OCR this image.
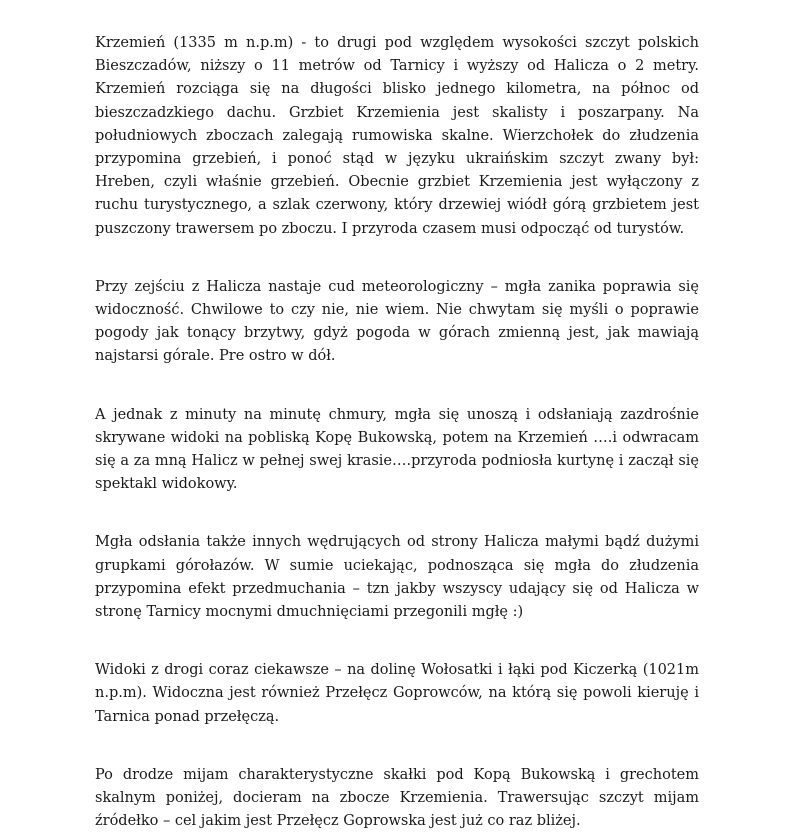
Krzemień (1335 m n.p.m) - to drugi pod względem wysokości szczyt polskich Bieszczadów, niższy o 11 metrów od Tarnicy i wyższy od Halicza o 2 metry. Krzemień rozciąga się na długości blisko jednego kilometra, na północ od bieszczadzkiego dachu. Grzbiet Krzemienia jest skalisty i poszarpany. Na południowych zboczach zalegają rumowiska skalne. Wierzchołek do złudzenia przypomina grzebień, i ponoć stąd w języku ukraińskim szczyt zwany był: Hreben, czyli właśnie grzebień. Obecnie grzbiet Krzemienia jest wyłączony z ruchu turystycznego, a szlak czerwony, który drzewiej wiódł górą grzbietem jest puszczony trawersem po zboczu. I przyroda czasem musi odpocząć od turystów.

Przy zejściu z Halicza nastaje cud meteorologiczny – mgła zanika poprawia się widoczność. Chwilowe to czy nie, nie wiem. Nie chwytam się myśli o poprawie pogody jak tonący brzytwy, gdyż pogoda w górach zmienną jest, jak mawiają najstarsi górale. Pre ostro w dół.

A jednak z minuty na minutę chmury, mgła się unoszą i odsłaniają zazdrośnie skrywane widoki na pobliską Kopę Bukowską, potem na Krzemień ….i odwracam się a za mną Halicz w pełnej swej krasie….przyroda podniosła kurtynę i zaczął się spektakl widokowy.

Mgła odsłania także innych wędrujących od strony Halicza małymi bądź dużymi grupkami górołazów. W sumie uciekając, podnosząca się mgła do złudzenia przypomina efekt przedmuchania – tzn jakby wszyscy udający się od Halicza w stronę Tarnicy mocnymi dmuchnięciami przegonili mgłę :)

Widoki z drogi coraz ciekawsze – na dolinę Wołosatki i łąki pod Kiczerką (1021m n.p.m). Widoczna jest również Przełęcz Goprowców, na którą się powoli kieruję i Tarnica ponad przełęczą.

Po drodze mijam charakterystyczne skałki pod Kopą Bukowską i grechotem skalnym poniżej, docieram na zbocze Krzemienia. Trawersując szczyt mijam źródełko – cel jakim jest Przełęcz Goprowska jest już co raz bliżej.
